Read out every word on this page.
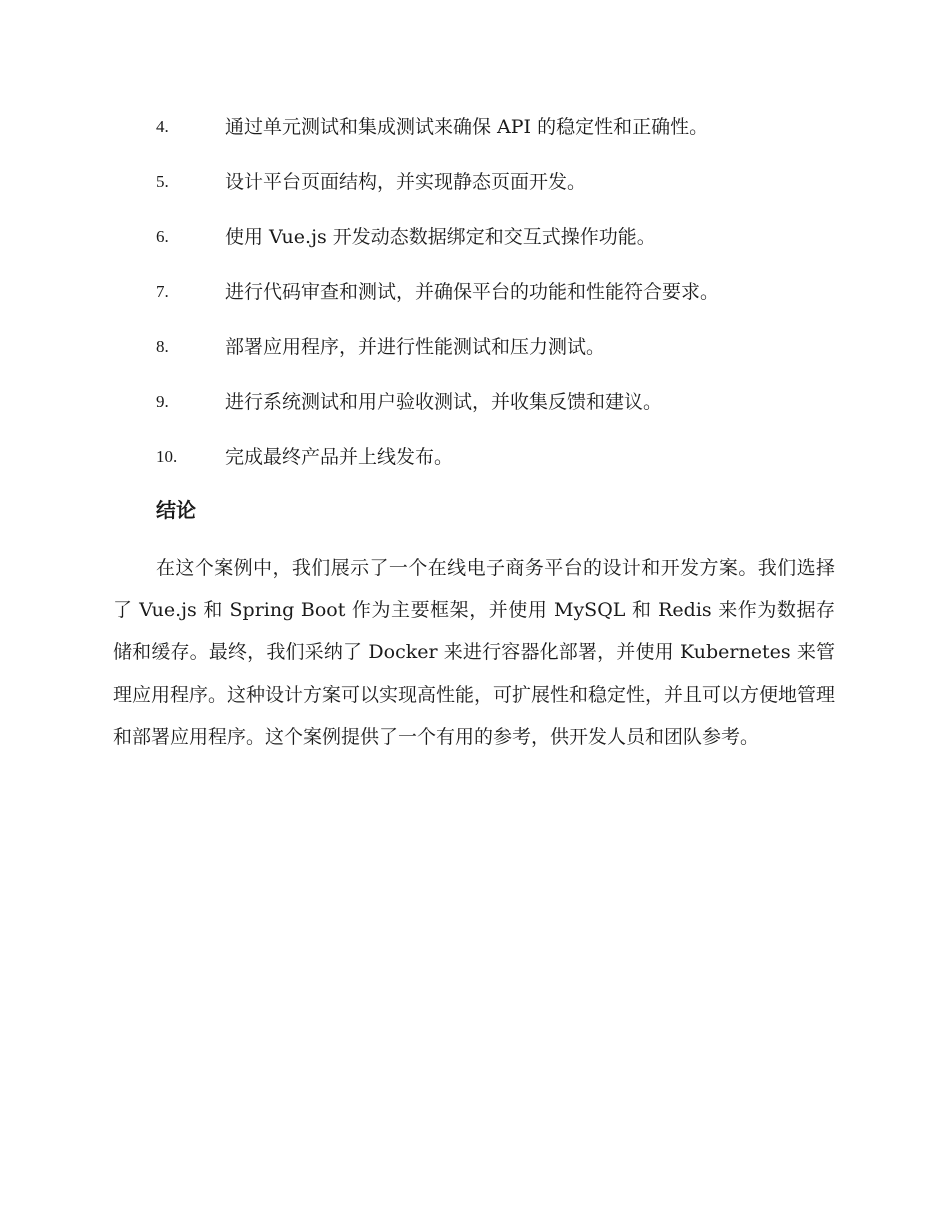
4.	通过单元测试和集成测试来确保 API 的稳定性和正确性。
5.	设计平台页面结构，并实现静态页面开发。
6.	使用 Vue.js 开发动态数据绑定和交互式操作功能。
7.	进行代码审查和测试，并确保平台的功能和性能符合要求。
8.	部署应用程序，并进行性能测试和压力测试。
9.	进行系统测试和用户验收测试，并收集反馈和建议。
10.	完成最终产品并上线发布。
结论

在这个案例中，我们展示了一个在线电子商务平台的设计和开发方案。我们选择了 Vue.js 和 Spring Boot 作为主要框架，并使用 MySQL 和 Redis 来作为数据存储和缓存。最终，我们采纳了 Docker 来进行容器化部署，并使用 Kubernetes 来管理应用程序。这种设计方案可以实现高性能，可扩展性和稳定性，并且可以方便地管理和部署应用程序。这个案例提供了一个有用的参考，供开发人员和团队参考。
